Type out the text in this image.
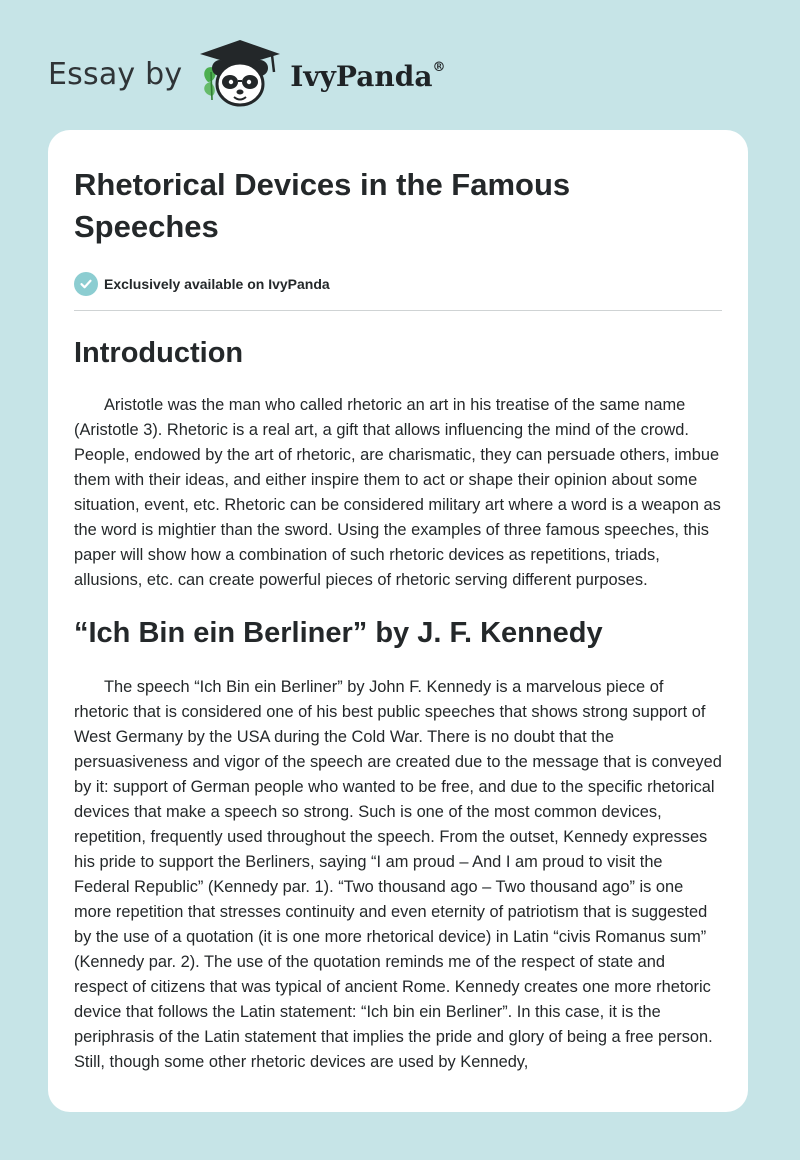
Essay by	IvyPanda®
Rhetorical Devices in the Famous Speeches
Exclusively available on IvyPanda
Introduction

Aristotle was the man who called rhetoric an art in his treatise of the same name (Aristotle 3). Rhetoric is a real art, a gift that allows influencing the mind of the crowd. People, endowed by the art of rhetoric, are charismatic, they can persuade others, imbue them with their ideas, and either inspire them to act or shape their opinion about some situation, event, etc. Rhetoric can be considered military art where a word is a weapon as the word is mightier than the sword. Using the examples of three famous speeches, this paper will show how a combination of such rhetoric devices as repetitions, triads, allusions, etc. can create powerful pieces of rhetoric serving different purposes.

“Ich Bin ein Berliner” by J. F. Kennedy

The speech “Ich Bin ein Berliner” by John F. Kennedy is a marvelous piece of rhetoric that is considered one of his best public speeches that shows strong support of West Germany by the USA during the Cold War. There is no doubt that the persuasiveness and vigor of the speech are created due to the message that is conveyed by it: support of German people who wanted to be free, and due to the specific rhetorical devices that make a speech so strong. Such is one of the most common devices, repetition, frequently used throughout the speech. From the outset, Kennedy expresses his pride to support the Berliners, saying “I am proud – And I am proud to visit the Federal Republic” (Kennedy par. 1). “Two thousand ago – Two thousand ago” is one more repetition that stresses continuity and even eternity of patriotism that is suggested by the use of a quotation (it is one more rhetorical device) in Latin “civis Romanus sum” (Kennedy par. 2). The use of the quotation reminds me of the respect of state and respect of citizens that was typical of ancient Rome. Kennedy creates one more rhetoric device that follows the Latin statement: “Ich bin ein Berliner”. In this case, it is the periphrasis of the Latin statement that implies the pride and glory of being a free person. Still, though some other rhetoric devices are used by Kennedy,
